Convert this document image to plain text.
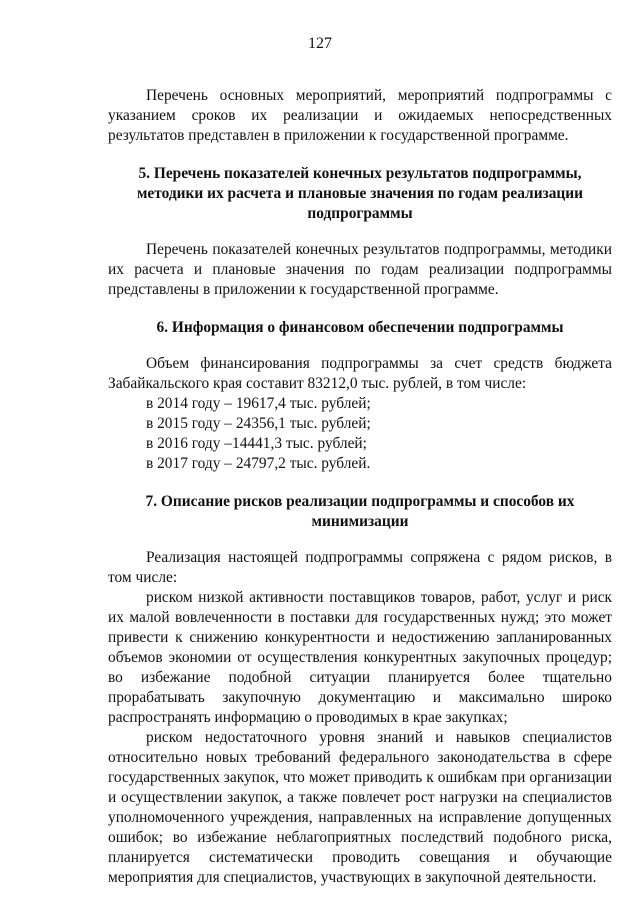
127

Перечень основных мероприятий, мероприятий подпрограммы с указанием сроков их реализации и ожидаемых непосредственных результатов представлен в приложении к государственной программе.

5. Перечень показателей конечных результатов подпрограммы, методики их расчета и плановые значения по годам реализации подпрограммы

Перечень показателей конечных результатов подпрограммы, методики их расчета и плановые значения по годам реализации подпрограммы представлены в приложении к государственной программе.

6. Информация о финансовом обеспечении подпрограммы

Объем финансирования подпрограммы за счет средств бюджета Забайкальского края составит 83212,0 тыс. рублей, в том числе:

в 2014 году – 19617,4 тыс. рублей;
в 2015 году – 24356,1 тыс. рублей;
в 2016 году –14441,3 тыс. рублей;
в 2017 году – 24797,2 тыс. рублей.
7. Описание рисков реализации подпрограммы и способов их минимизации

Реализация настоящей подпрограммы сопряжена с рядом рисков, в том числе:

риском низкой активности поставщиков товаров, работ, услуг и риск их малой вовлеченности в поставки для государственных нужд; это может привести к снижению конкурентности и недостижению запланированных объемов экономии от осуществления конкурентных закупочных процедур; во избежание подобной ситуации планируется более тщательно прорабатывать закупочную документацию и максимально широко распространять информацию о проводимых в крае закупках;

риском недостаточного уровня знаний и навыков специалистов относительно новых требований федерального законодательства в сфере государственных закупок, что может приводить к ошибкам при организации и осуществлении закупок, а также повлечет рост нагрузки на специалистов уполномоченного учреждения, направленных на исправление допущенных ошибок; во избежание неблагоприятных последствий подобного риска, планируется систематически проводить совещания и обучающие мероприятия для специалистов, участвующих в закупочной деятельности.
